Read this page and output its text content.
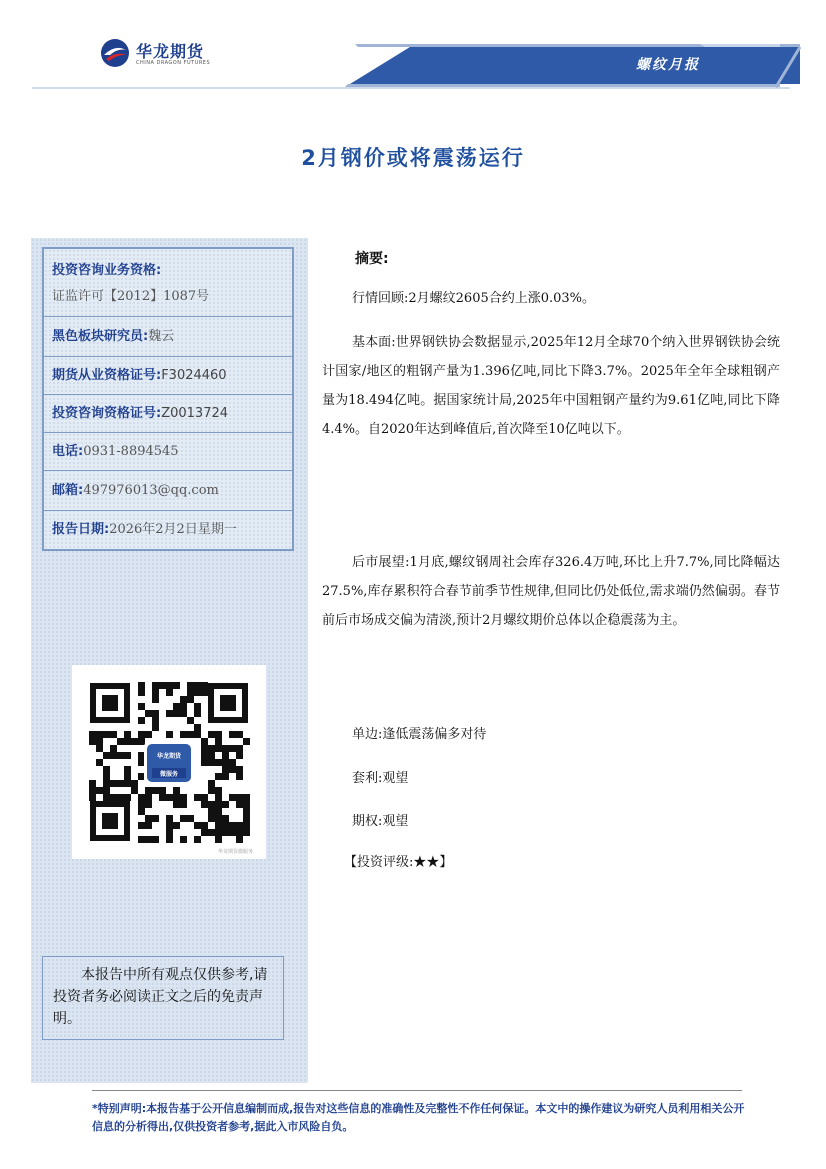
华龙期货
CHINA DRAGON FUTURES	螺纹月报
2月钢价或将震荡运行
投资咨询业务资格:
证监许可【2012】1087号
黑色板块研究员:魏云
期货从业资格证号:F3024460
投资咨询资格证号:Z0013724
电话:0931-8894545
邮箱:497976013@qq.com
报告日期:2026年2月2日星期一
华龙期货
微服务
华龙期货微服务
本报告中所有观点仅供参考,请投资者务必阅读正文之后的免责声明。
摘要:

行情回顾:2月螺纹2605合约上涨0.03%。

基本面:世界钢铁协会数据显示,2025年12月全球70个纳入世界钢铁协会统计国家/地区的粗钢产量为1.396亿吨,同比下降3.7%。2025年全年全球粗钢产量为18.494亿吨。据国家统计局,2025年中国粗钢产量约为9.61亿吨,同比下降4.4%。自2020年达到峰值后,首次降至10亿吨以下。

后市展望:1月底,螺纹钢周社会库存326.4万吨,环比上升7.7%,同比降幅达27.5%,库存累积符合春节前季节性规律,但同比仍处低位,需求端仍然偏弱。春节前后市场成交偏为清淡,预计2月螺纹期价总体以企稳震荡为主。

单边:逢低震荡偏多对待

套利:观望

期权:观望

【投资评级:★★】

*特别声明:本报告基于公开信息编制而成,报告对这些信息的准确性及完整性不作任何保证。本文中的操作建议为研究人员利用相关公开信息的分析得出,仅供投资者参考,据此入市风险自负。
